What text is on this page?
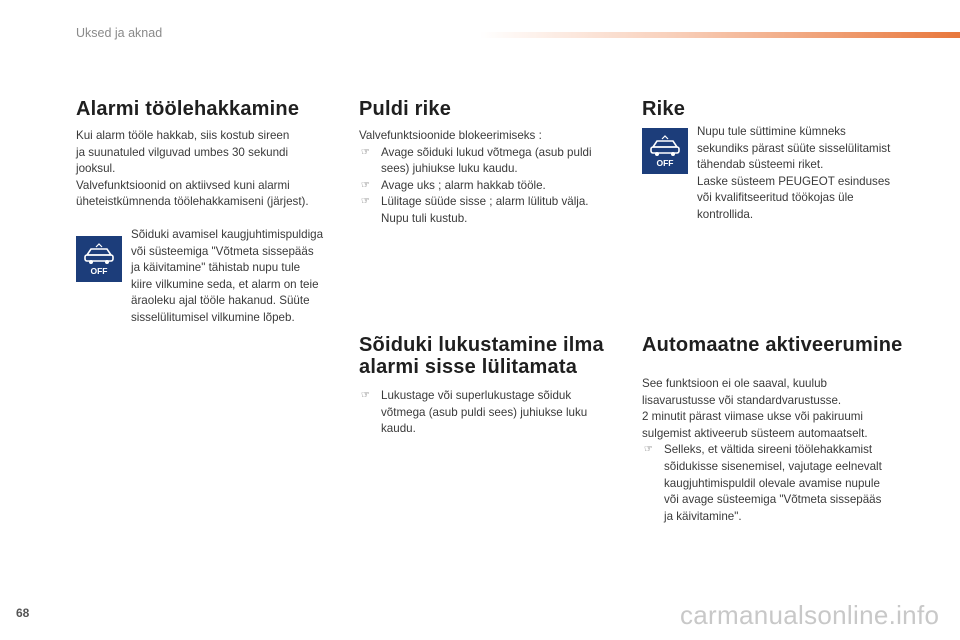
Uksed ja aknad
Alarmi töölehakkamine

Kui alarm tööle hakkab, siis kostub sireen

ja suunatuled vilguvad umbes 30 sekundi

jooksul.

Valvefunktsioonid on aktiivsed kuni alarmi

üheteistkümnenda töölehakkamiseni (järjest).

OFF

Sõiduki avamisel kaugjuhtimispuldiga

või süsteemiga "Võtmeta sissepääs

ja käivitamine" tähistab nupu tule

kiire vilkumine seda, et alarm on teie

äraoleku ajal tööle hakanud. Süüte

sisselülitumisel vilkumine lõpeb.

Puldi rike

Valvefunktsioonide blokeerimiseks :

☞ Avage sõiduki lukud võtmega (asub puldi
sees) juhiukse luku kaudu.
☞ Avage uks ; alarm hakkab tööle.
☞ Lülitage süüde sisse ; alarm lülitub välja.
Nupu tuli kustub.
Sõiduki lukustamine ilma
alarmi sisse lülitamata
☞ Lukustage või superlukustage sõiduk
võtmega (asub puldi sees) juhiukse luku
kaudu.
Rike
OFF

Nupu tule süttimine kümneks

sekundiks pärast süüte sisselülitamist

tähendab süsteemi riket.

Laske süsteem PEUGEOT esinduses

või kvalifitseeritud töökojas üle

kontrollida.

Automaatne aktiveerumine

See funktsioon ei ole saaval, kuulub

lisavarustusse või standardvarustusse.

2 minutit pärast viimase ukse või pakiruumi

sulgemist aktiveerub süsteem automaatselt.

☞ Selleks, et vältida sireeni töölehakkamist
sõidukisse sisenemisel, vajutage eelnevalt
kaugjuhtimispuldil olevale avamise nupule
või avage süsteemiga "Võtmeta sissepääs
ja käivitamine".
68	carmanualsonline.info
